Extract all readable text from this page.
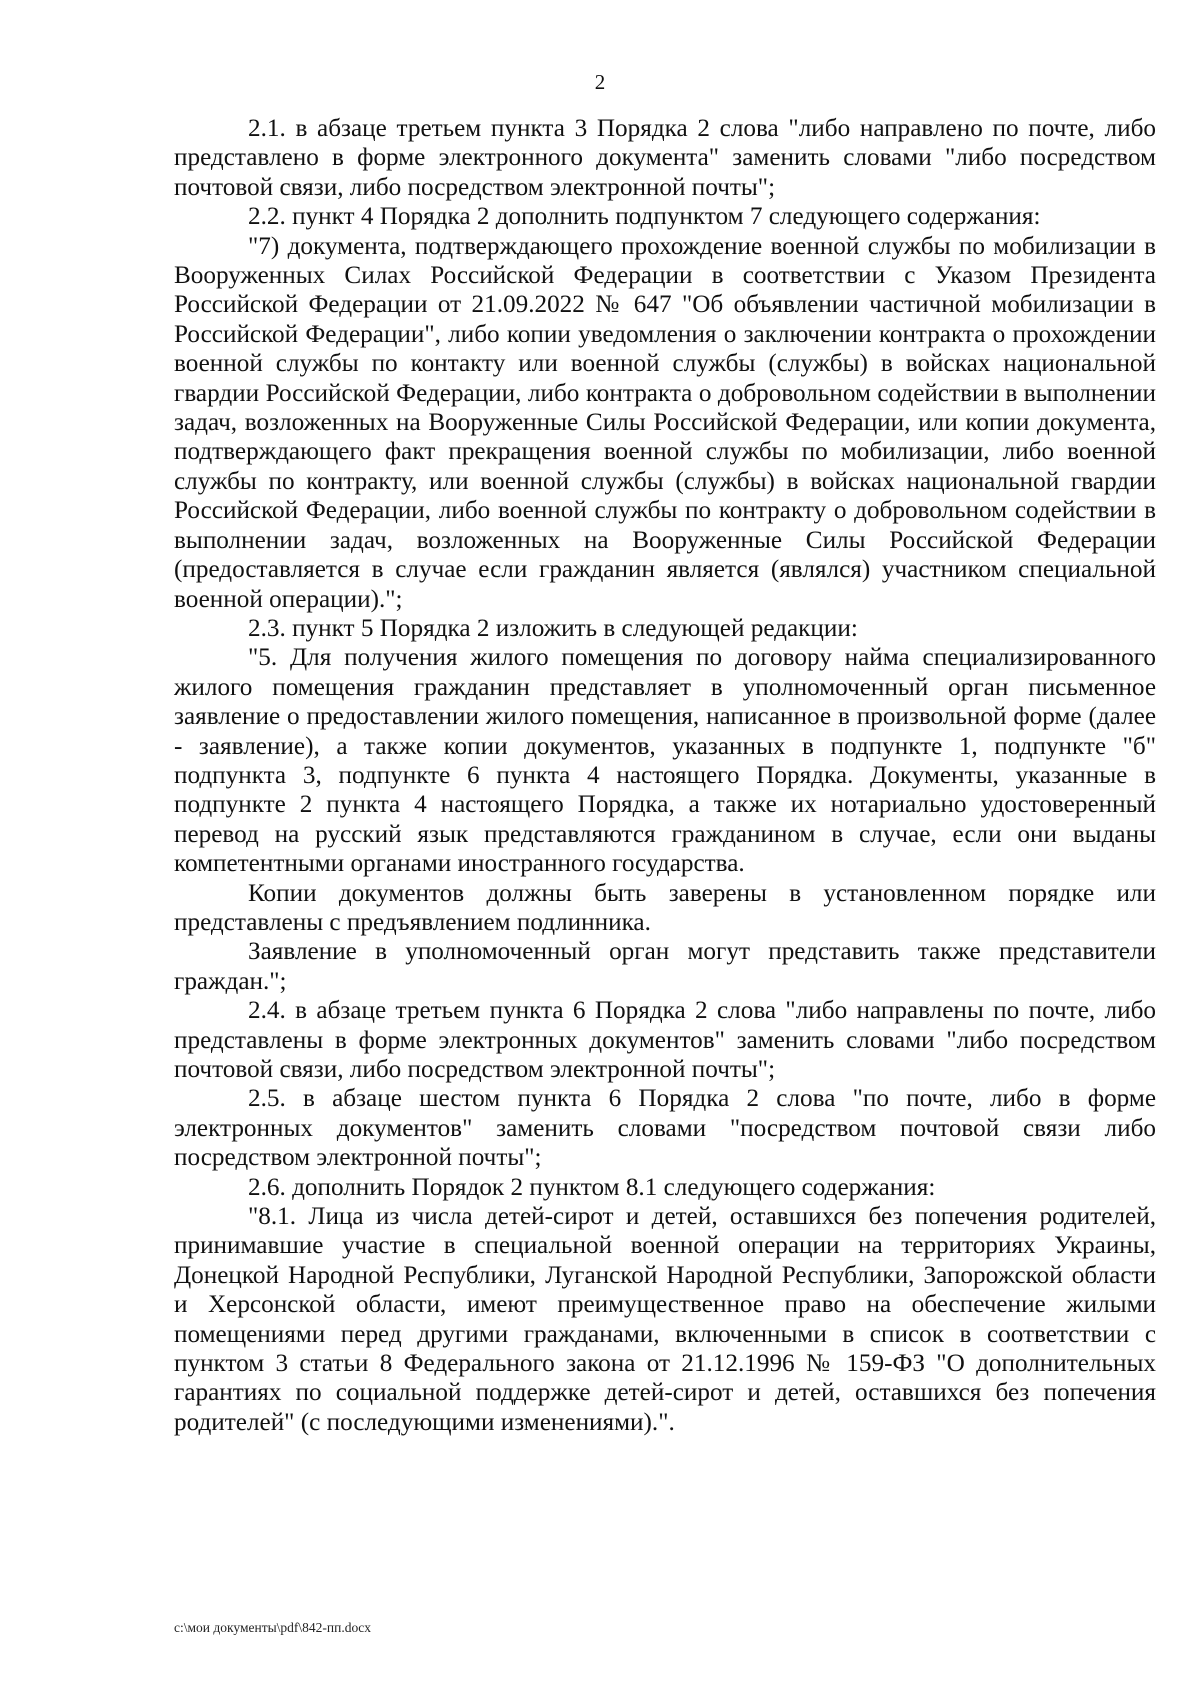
2

2.1. в абзаце третьем пункта 3 Порядка 2 слова "либо направлено по почте, либо представлено в форме электронного документа" заменить словами "либо посредством почтовой связи, либо посредством электронной почты";

2.2. пункт 4 Порядка 2 дополнить подпунктом 7 следующего содержания:

"7) документа, подтверждающего прохождение военной службы по мобилизации в Вооруженных Силах Российской Федерации в соответствии с Указом Президента Российской Федерации от 21.09.2022 № 647 "Об объявлении частичной мобилизации в Российской Федерации", либо копии уведомления о заключении контракта о прохождении военной службы по контакту или военной службы (службы) в войсках национальной гвардии Российской Федерации, либо контракта о добровольном содействии в выполнении задач, возложенных на Вооруженные Силы Российской Федерации, или копии документа, подтверждающего факт прекращения военной службы по мобилизации, либо военной службы по контракту, или военной службы (службы) в войсках национальной гвардии Российской Федерации, либо военной службы по контракту о добровольном содействии в выполнении задач, возложенных на Вооруженные Силы Российской Федерации (предоставляется в случае если гражданин является (являлся) участником специальной военной операции).";

2.3. пункт 5 Порядка 2 изложить в следующей редакции:

"5. Для получения жилого помещения по договору найма специализированного жилого помещения гражданин представляет в уполномоченный орган письменное заявление о предоставлении жилого помещения, написанное в произвольной форме (далее - заявление), а также копии документов, указанных в подпункте 1, подпункте "б" подпункта 3, подпункте 6 пункта 4 настоящего Порядка. Документы, указанные в подпункте 2 пункта 4 настоящего Порядка, а также их нотариально удостоверенный перевод на русский язык представляются гражданином в случае, если они выданы компетентными органами иностранного государства.

Копии документов должны быть заверены в установленном порядке или представлены с предъявлением подлинника.

Заявление в уполномоченный орган могут представить также представители граждан.";

2.4. в абзаце третьем пункта 6 Порядка 2 слова "либо направлены по почте, либо представлены в форме электронных документов" заменить словами "либо посредством почтовой связи, либо посредством электронной почты";

2.5. в абзаце шестом пункта 6 Порядка 2 слова "по почте, либо в форме электронных документов" заменить словами "посредством почтовой связи либо посредством электронной почты";

2.6. дополнить Порядок 2 пунктом 8.1 следующего содержания:

"8.1. Лица из числа детей-сирот и детей, оставшихся без попечения родителей, принимавшие участие в специальной военной операции на территориях Украины, Донецкой Народной Республики, Луганской Народной Республики, Запорожской области и Херсонской области, имеют преимущественное право на обеспечение жилыми помещениями перед другими гражданами, включенными в список в соответствии с пунктом 3 статьи 8 Федерального закона от 21.12.1996 № 159-ФЗ "О дополнительных гарантиях по социальной поддержке детей-сирот и детей, оставшихся без попечения родителей" (с последующими изменениями).".

c:\мои документы\pdf\842-пп.docx
